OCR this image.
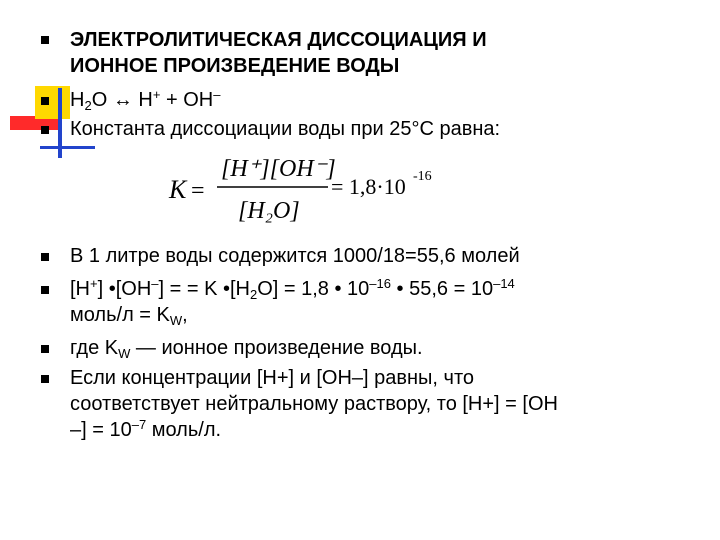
ЭЛЕКТРОЛИТИЧЕСКАЯ ДИССОЦИАЦИЯ И
ИОННОЕ ПРОИЗВЕДЕНИЕ ВОДЫ
$H_2O$ ↔ H+ + OH–
Константа диссоциации воды при 25°С равна:
K =
[H⁺][OH⁻]
[H₂O]
= 1,8·10 -16
В 1 литре воды содержится 1000/18=55,6 молей
[H+] •[OH–] = = K $•[H_2O] = 1,8$ • $10^{-16}$ • $55,6 = 10^{-14}$
моль/л = $K_W$,
где $K_W$ — ионное произведение воды.
Если концентрации [H+] и [OH–] равны, что
соответствует нейтральному раствору, то [H+] = [OH
–] = $10^{-7}$ моль/л.
